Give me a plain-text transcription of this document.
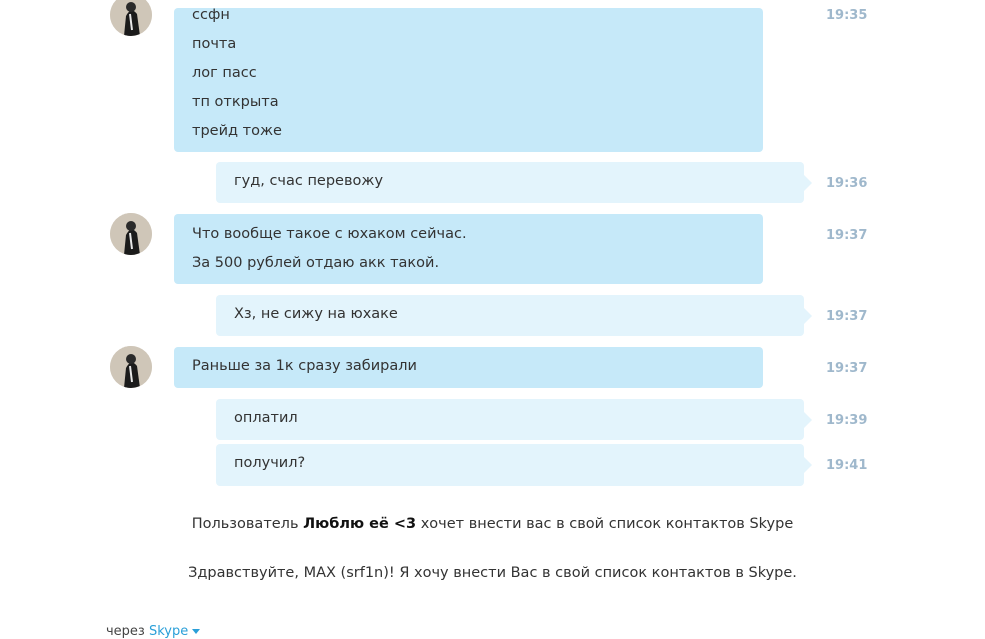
ссфн
почта
лог пасс
тп открыта
трейд тоже
19:35
гуд, счас перевожу	19:36
Что вообще такое с юхаком сейчас.
За 500 рублей отдаю акк такой.
19:37
Хз, не сижу на юхаке	19:37
Раньше за 1к сразу забирали	19:37
оплатил	19:39
получил?	19:41
Пользователь Люблю её <3 хочет внести вас в свой список контактов Skype
Здравствуйте, MAX (srf1n)! Я хочу внести Вас в свой список контактов в Skype.
через Skype
